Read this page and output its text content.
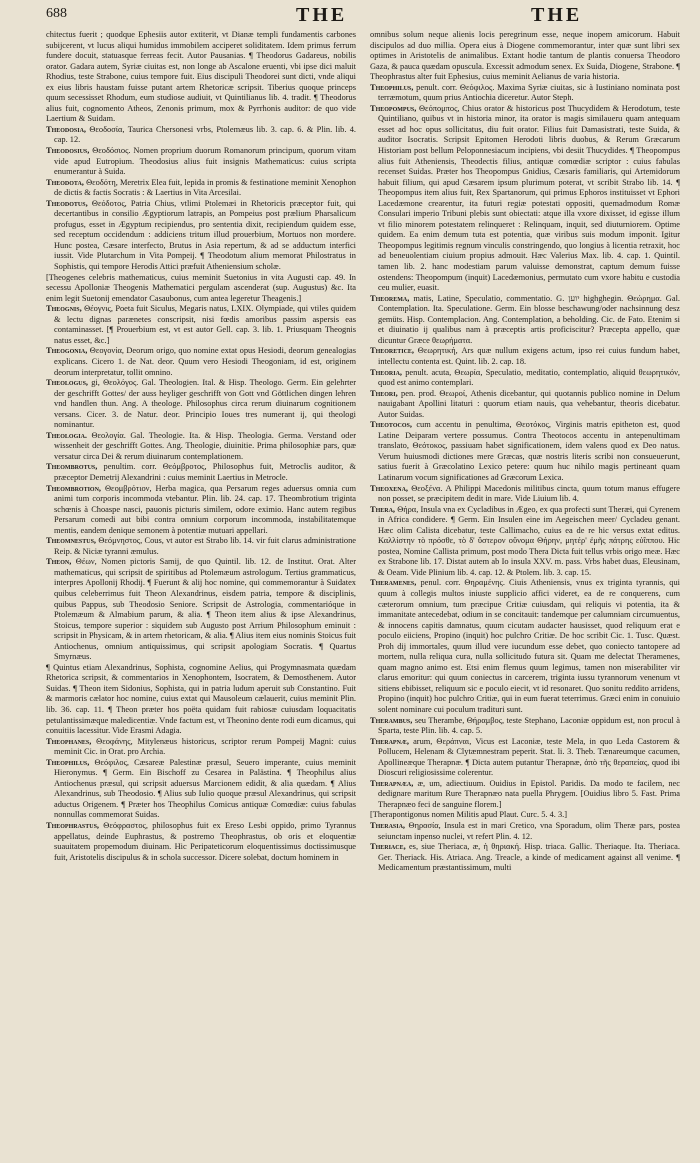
688	THE	THE

chitectus fuerit ; quodque Ephesiis autor extiterit, vt Dianæ templi fundamentis carbones subijcerent, vt lucus aliqui humidus immobilem acciperet soliditatem. Idem primus ferrum fundere docuit, statuasque ferreas fecit. Autor Pausanias. ¶ Theodorus Gadareus, nobilis orator. Gadara autem, Syriæ ciuitas est, non longe ab Ascalone eruenti, vbi ipse dici maluit Rhodius, teste Strabone, cuius tempore fuit. Eius discipuli Theodorei sunt dicti, vnde aliqui ex eius libris haustam fuisse putant artem Rhetoricæ scripsit. Tiberius quoque princeps quum secessisset Rhodum, eum studiose audiuit, vt Quintilianus lib. 4. tradit. ¶ Theodorus alius fuit, cognomento Atheos, Zenonis primum, mox & Pyrrhonis auditor: de quo vide Laertium & Suidam.

Theodosia, Θεοδοσία, Taurica Chersonesi vrbs, Ptolemæus lib. 3. cap. 6. & Plin. lib. 4. cap. 12.

Theodosius, Θεοδόσιος. Nomen proprium duorum Romanorum principum, quorum vitam vide apud Eutropium. Theodosius alius fuit insignis Mathematicus: cuius scripta enumerantur à Suida.

Theodota, Θεοδότη, Meretrix Elea fuit, lepida in promis & festinatione meminit Xenophon de dictis & factis Socratis : & Laertius in Vita Arcesilai.

Theodotus, Θεόδοτος, Patria Chius, vtlimi Ptolemæi in Rhetoricis præceptor fuit, qui decertantibus in consilio Ægyptiorum latrapis, an Pompeius post prælium Pharsalicum profugus, esset in Ægyptum recipiendus, pro sententia dixit, recipiendum quidem esse, sed receptum occidendum : addiciens tritum illud prouerbium, Mortuos non mordere. Hunc postea, Cæsare interfecto, Brutus in Asia repertum, & ad se adductum interfici iussit. Vide Plutarchum in Vita Pompeij. ¶ Theodotum alium memorat Philostratus in Sophistis, qui tempore Herodis Attici præfuit Atheniensium scholæ.

[Theogenes celebris mathematicus, cuius meminit Suetonius in vita Augusti cap. 49. In secessu Apolloniæ Theogenis Mathematici pergulam ascenderat (sup. Augustus) &c. Ita enim legit Suetonij emendator Casaubonus, cum antea legeretur Theagenis.]

Theognis, Θέογνις, Poeta fuit Siculus, Megaris natus, LXIX. Olympiade, qui vtiles quidem & lectu dignas parænetes conscripsit, nisi fœdis amoribus passim aspersis eas contaminasset. [¶ Prouerbium est, vt est autor Gell. cap. 3. lib. 1. Priusquam Theognis natus esset, &c.]

Theogonia, Θεογονία, Deorum origo, quo nomine extat opus Hesiodi, deorum genealogias explicans. Cicero 1. de Nat. deor. Quum vero Hesiodi Theogoniam, id est, originem deorum interpretatur, tollit omnino.

Theologus, gi, Θεολόγος. Gal. Theologien. Ital. & Hisp. Theologo. Germ. Ein gelehrter der geschrifft Gottes/ der auss heyliger geschrifft von Gott vnd Göttlichen dingen lehren vnd handlen thun. Ang. A theologe. Philosophus circa rerum diuinarum cognitionem versans. Cicer. 3. de Natur. deor. Principio Ioues tres numerant ij, qui theologi nominantur.

Theologia. Θεολογία. Gal. Theologie. Ita. & Hisp. Theologia. Germa. Verstand oder wissenheit der geschrifft Gottes. Ang. Theologie, diuinitie. Prima philosophiæ pars, quæ versatur circa Dei & rerum diuinarum contemplationem.

Theombrotus, penultim. corr. Θεόμβροτος, Philosophus fuit, Metroclis auditor, & præceptor Demetrij Alexandrini : cuius meminit Laertius in Metrocle.

Theombrotion, Θεομβρότιον, Herba magica, qua Persarum reges aduersus omnia cum animi tum corporis incommoda vtebantur. Plin. lib. 24. cap. 17. Theombrotium triginta schœnis à Choaspe nasci, pauonis picturis similem, odore eximio. Hanc autem regibus Persarum comedi aut bibi contra omnium corporum incommoda, instabilitatemque mentis, eandem denique semonem à potentiæ mutuari appellari.

Theomnestus, Θεόμνηστος, Cous, vt autor est Strabo lib. 14. vir fuit clarus administratione Reip. & Niciæ tyranni æmulus.

Theon, Θέων, Nomen pictoris Samij, de quo Quintil. lib. 12. de Institut. Orat. Alter mathematicus, qui scripsit de spiritibus ad Ptolemæum astrologum. Tertius grammaticus, interpres Apollonij Rhodij. ¶ Fuerunt & alij hoc nomine, qui commemorantur à Suidatex quibus celeberrimus fuit Theon Alexandrinus, eisdem patria, tempore & disciplinis, quibus Pappus, sub Theodosio Seniore. Scripsit de Astrologia, commentarióque in Ptolemæum & Almabium parum, & alia. ¶ Theon item alius & ipse Alexandrinus, Stoicus, tempore superior : siquidem sub Augusto post Arrium Philosophum eminuit : scripsit in Physicam, & in artem rhetoricam, & alia. ¶ Alius item eius nominis Stoicus fuit Antiochenus, omnium antiquissimus, qui scripsit apologiam Socratis. ¶ Quartus Smyrnæus.

¶ Quintus etiam Alexandrinus, Sophista, cognomine Aelius, qui Progymnasmata quædam Rhetorica scripsit, & commentarios in Xenophontem, Isocratem, & Demosthenem. Autor Suidas. ¶ Theon item Sidonius, Sophista, qui in patria ludum aperuit sub Constantino. Fuit & marmoris cælator hoc nomine, cuius extat qui Mausoleum cælauerit, cuius meminit Plin. lib. 36. cap. 11. ¶ Theon præter hos poëta quidam fuit rabiosæ cuiusdam loquacitatis petulantissimæque maledicentiæ. Vnde factum est, vt Theonino dente rodi eum dicamus, qui conuitiis lacessitur. Vide Erasmi Adagia.

Theophanes, Θεοφάνης, Mitylenæus historicus, scriptor rerum Pompeij Magni: cuius meminit Cic. in Orat. pro Archia.

Theophilus, Θεόφιλος, Cæsareæ Palestinæ præsul, Seuero imperante, cuius meminit Hieronymus. ¶ Germ. Ein Bischoff zu Cesarea in Palästina. ¶ Theophilus alius Antiochenus præsul, qui scripsit aduersus Marcionem edidit, & alia quædam. ¶ Alius Alexandrinus, sub Theodosio. ¶ Alius sub Iulio quoque præsul Alexandrinus, qui scripsit aductus Origenem. ¶ Præter hos Theophilus Comicus antiquæ Comœdiæ: cuius fabulas nonnullas commemorat Suidas.

Theophrastus, Θεόφραστος, philosophus fuit ex Ereso Lesbi oppido, primo Tyrannus appellatus, deinde Euphrastus, & postremo Theophrastus, ob oris et eloquentiæ suauitatem propemodum diuinam. Hic Peripateticorum eloquentissimus doctissimusque fuit, Aristotelis discipulus & in schola successor. Dicere solebat, doctum hominem in

omnibus solum neque alienis locis peregrinum esse, neque inopem amicorum. Habuit discipulos ad duo millia. Opera eius à Diogene commemorantur, inter quæ sunt libri sex optimes in Aristotelis de animalibus. Extant hodie tantum de plantis conuersa Theodoro Gaza, & pauca quædam opuscula. Excessit admodum senex. Ex Suida, Diogene, Strabone. ¶ Theophrastus alter fuit Ephesius, cuius meminit Aelianus de varia historia.

Theophilus, penult. corr. Θεόφιλος. Maxima Syriæ ciuitas, sic à Iustiniano nominata post terræmotum, quum prius Antiochia diceretur. Autor Steph.

Theopompus, Θεόπομπος, Chius orator & historicus post Thucydidem & Herodotum, teste Quintiliano, quibus vt in historia minor, ita orator is magis similaueru quam antequam esset ad hoc opus sollicitatus, diu fuit orator. Filius fuit Damasistrati, teste Suida, & auditor Isocratis. Scripsit Epitomen Herodoti libris duobus, & Rerum Græcarum Historiam post bellum Peloponnesiacum incipiens, vbi desiit Thucydides. ¶ Theopompus alius fuit Atheniensis, Theodectis filius, antiquæ comœdiæ scriptor : cuius fabulas recenset Suidas. Præter hos Theopompus Gnidius, Cæsaris familiaris, qui Artemidorum habuit filium, qui apud Cæsarem ipsum plurimum poterat, vt scribit Strabo lib. 14. ¶ Theopompus item alius fuit, Rex Spartanorum, qui primus Ephoros instituisset vt Ephori Lacedæmone crearentur, ita futuri regiæ potestati oppositi, quemadmodum Romæ Consulari imperio Tribuni plebis sunt obiectati: atque illa vxore dixisset, id egisse illum vt filio minorem potestatem relinqueret : Relinquam, inquit, sed diuturniorem. Optime quidem. Ea enim demum tuta est potentia, quæ viribus suis modum imponit. Igitur Theopompus legitimis regnum vinculis constringendo, quo longius à licentia retraxit, hoc ad beneuolentiam ciuium propius admouit. Hæc Valerius Max. lib. 4. cap. 1. Quintil. tamen lib. 2. hanc modestiam parum valuisse demonstrat, captum demum fuisse ostendens: Theopompum (inquit) Lacedæmonius, permutato cum vxore habitu e custodia ceu mulier, euasit.

Theorema, matis, Latine, Speculatio, commentatio. G. יוען highghegin. Θεώρημα. Gal. Contemplation. Ita. Speculatione. Germ. Ein blosse beschawung/oder nachsinnung desz gemüts. Hisp. Contemplacion. Ang. Contemplation, a beholding. Cic. de Fato. Etenim si et diuinatio ij qualibus nam à præceptis artis proficiscitur? Præcepta appello, quæ dicuntur Græce θεωρήματα.

Theoretice, Θεωρητική, Ars quæ nullum exigens actum, ipso rei cuius fundum habet, intellectu contenta est. Quint. lib. 2. cap. 18.

Theoria, penult. acuta, Θεωρία, Speculatio, meditatio, contemplatio, aliquid θεωρητικόν, quod est animo contemplari.

Theori, pen. prod. Θεωροί, Athenis dicebantur, qui quotannis publico nomine in Delum nauigabant Apollini litaturi : quorum etiam nauis, qua vehebantur, theoris dicebatur. Autor Suidas.

Theotocos, cum accentu in penultima, Θεοτόκος, Virginis matris epitheton est, quod Latine Deiparam vertere possumus. Contra Theotocos accentu in antepenultimam translato, Θεότοκος, passiuam habet significationem, idem valens quod ex Deo natus. Verum huiusmodi dictiones mere Græcas, quæ nostris literis scribi non consueuerunt, satius fuerit à Græcolatino Lexico petere: quum huc nihilo magis pertineant quam Latinarum vocum significationes ad Græcorum Lexica.

Theoxena, Θεοξένα. A Philippi Macedonis militibus cincta, quum totum manus effugere non posset, se præcipitem dedit in mare. Vide Liuium lib. 4.

Thera, Θήρα, Insula vna ex Cycladibus in Ægeo, ex qua profecti sunt Theræi, qui Cyrenem in Africa condidere. ¶ Germ. Ein Insulen eine im Aegeischen meer/ Cycladeu genant. Hæc olim Calista dicebatur, teste Callimacho, cuius ea de re hic versus extat editus. Καλλίστην τὸ πρόσθε, τὸ δ' ὕστερον οὔνομα Θήρην, μητέρ' ἐμῆς πάτρης εὐΐππου. Hic postea, Nomine Callista primum, post modo Thera Dicta fuit tellus vrbis origo meæ. Hæc ex Strabone lib. 17. Distat autem ab Io insula XXV. m. pass. Vrbs habet duas, Eleusinam, & Oeam. Vide Plinium lib. 4. cap. 12. & Ptolem. lib. 3. cap. 15.

Theramenes, penul. corr. Θηραμένης. Ciuis Atheniensis, vnus ex triginta tyrannis, qui quum à collegis multos iniuste supplicio affici videret, ea de re conquerens, cum cæterorum omnium, tum præcipue Critiæ cuiusdam, qui reliquis vi potentia, ita & immanitate antecedebat, odium in se concitauit: tandemque per calumniam circumuentus, & innocens capitis damnatus, quum cicutam audacter hausisset, quod reliquum erat e poculo eiiciens, Propino (inquit) hoc pulchro Critiæ. De hoc scribit Cic. 1. Tusc. Quæst. Proh dij immortales, quum illud vere iucundum esse debet, quo coniecto tantopere ad mortem, nulla reliqua cura, nulla sollicitudo futura sit. Quam me delectat Theramenes, quam magno animo est. Etsi enim flemus quum legimus, tamen non miserabiliter vir clarus emoritur: qui quum coniectus in carcerem, triginta iussu tyrannorum venenum vt sitiens ebibisset, reliquum sic e poculo eiecit, vt id resonaret. Quo sonitu reddito arridens, Propino (inquit) hoc pulchro Critiæ, qui in eum fuerat teterrimus. Græci enim in conuiuio solent nominare cui poculum tradituri sunt.

Therambus, seu Therambe, Θήραμβος, teste Stephano, Laconiæ oppidum est, non procul à Sparta, teste Plin. lib. 4. cap. 5.

Therapnæ, arum, Θεράπναι, Vicus est Laconiæ, teste Mela, in quo Leda Castorem & Pollucem, Helenam & Clytæmnestram peperit. Stat. li. 3. Theb. Tænareumque cacumen, Apollineæque Therapnæ. ¶ Dicta autem putantur Therapnæ, ἀπὸ τῆς θεραπείας, quod ibi Dioscuri religiosissime colerentur.

Therapnæa, æ, um, adiectiuum. Ouidius in Epistol. Paridis. Da modo te facilem, nec dedignare maritum Rure Therapnæo nata puella Phrygem. [Ouidius libro 5. Fast. Prima Therapnæo feci de sanguine florem.]

[Therapontigonus nomen Militis apud Plaut. Curc. 5. 4. 3.]

Therasia, Θηρασία, Insula est in mari Cretico, vna Sporadum, olim Theræ pars, postea seiunctam inpenso nuclei, vt refert Plin. 4. 12.

Theriace, es, siue Theriaca, æ, ἡ θηριακή. Hisp. triaca. Gallic. Theriaque. Ita. Theriaca. Ger. Theriack. His. Atriaca. Ang. Treacle, a kinde of medicament against all venime. ¶ Medicamentum præstantissimum, multi
